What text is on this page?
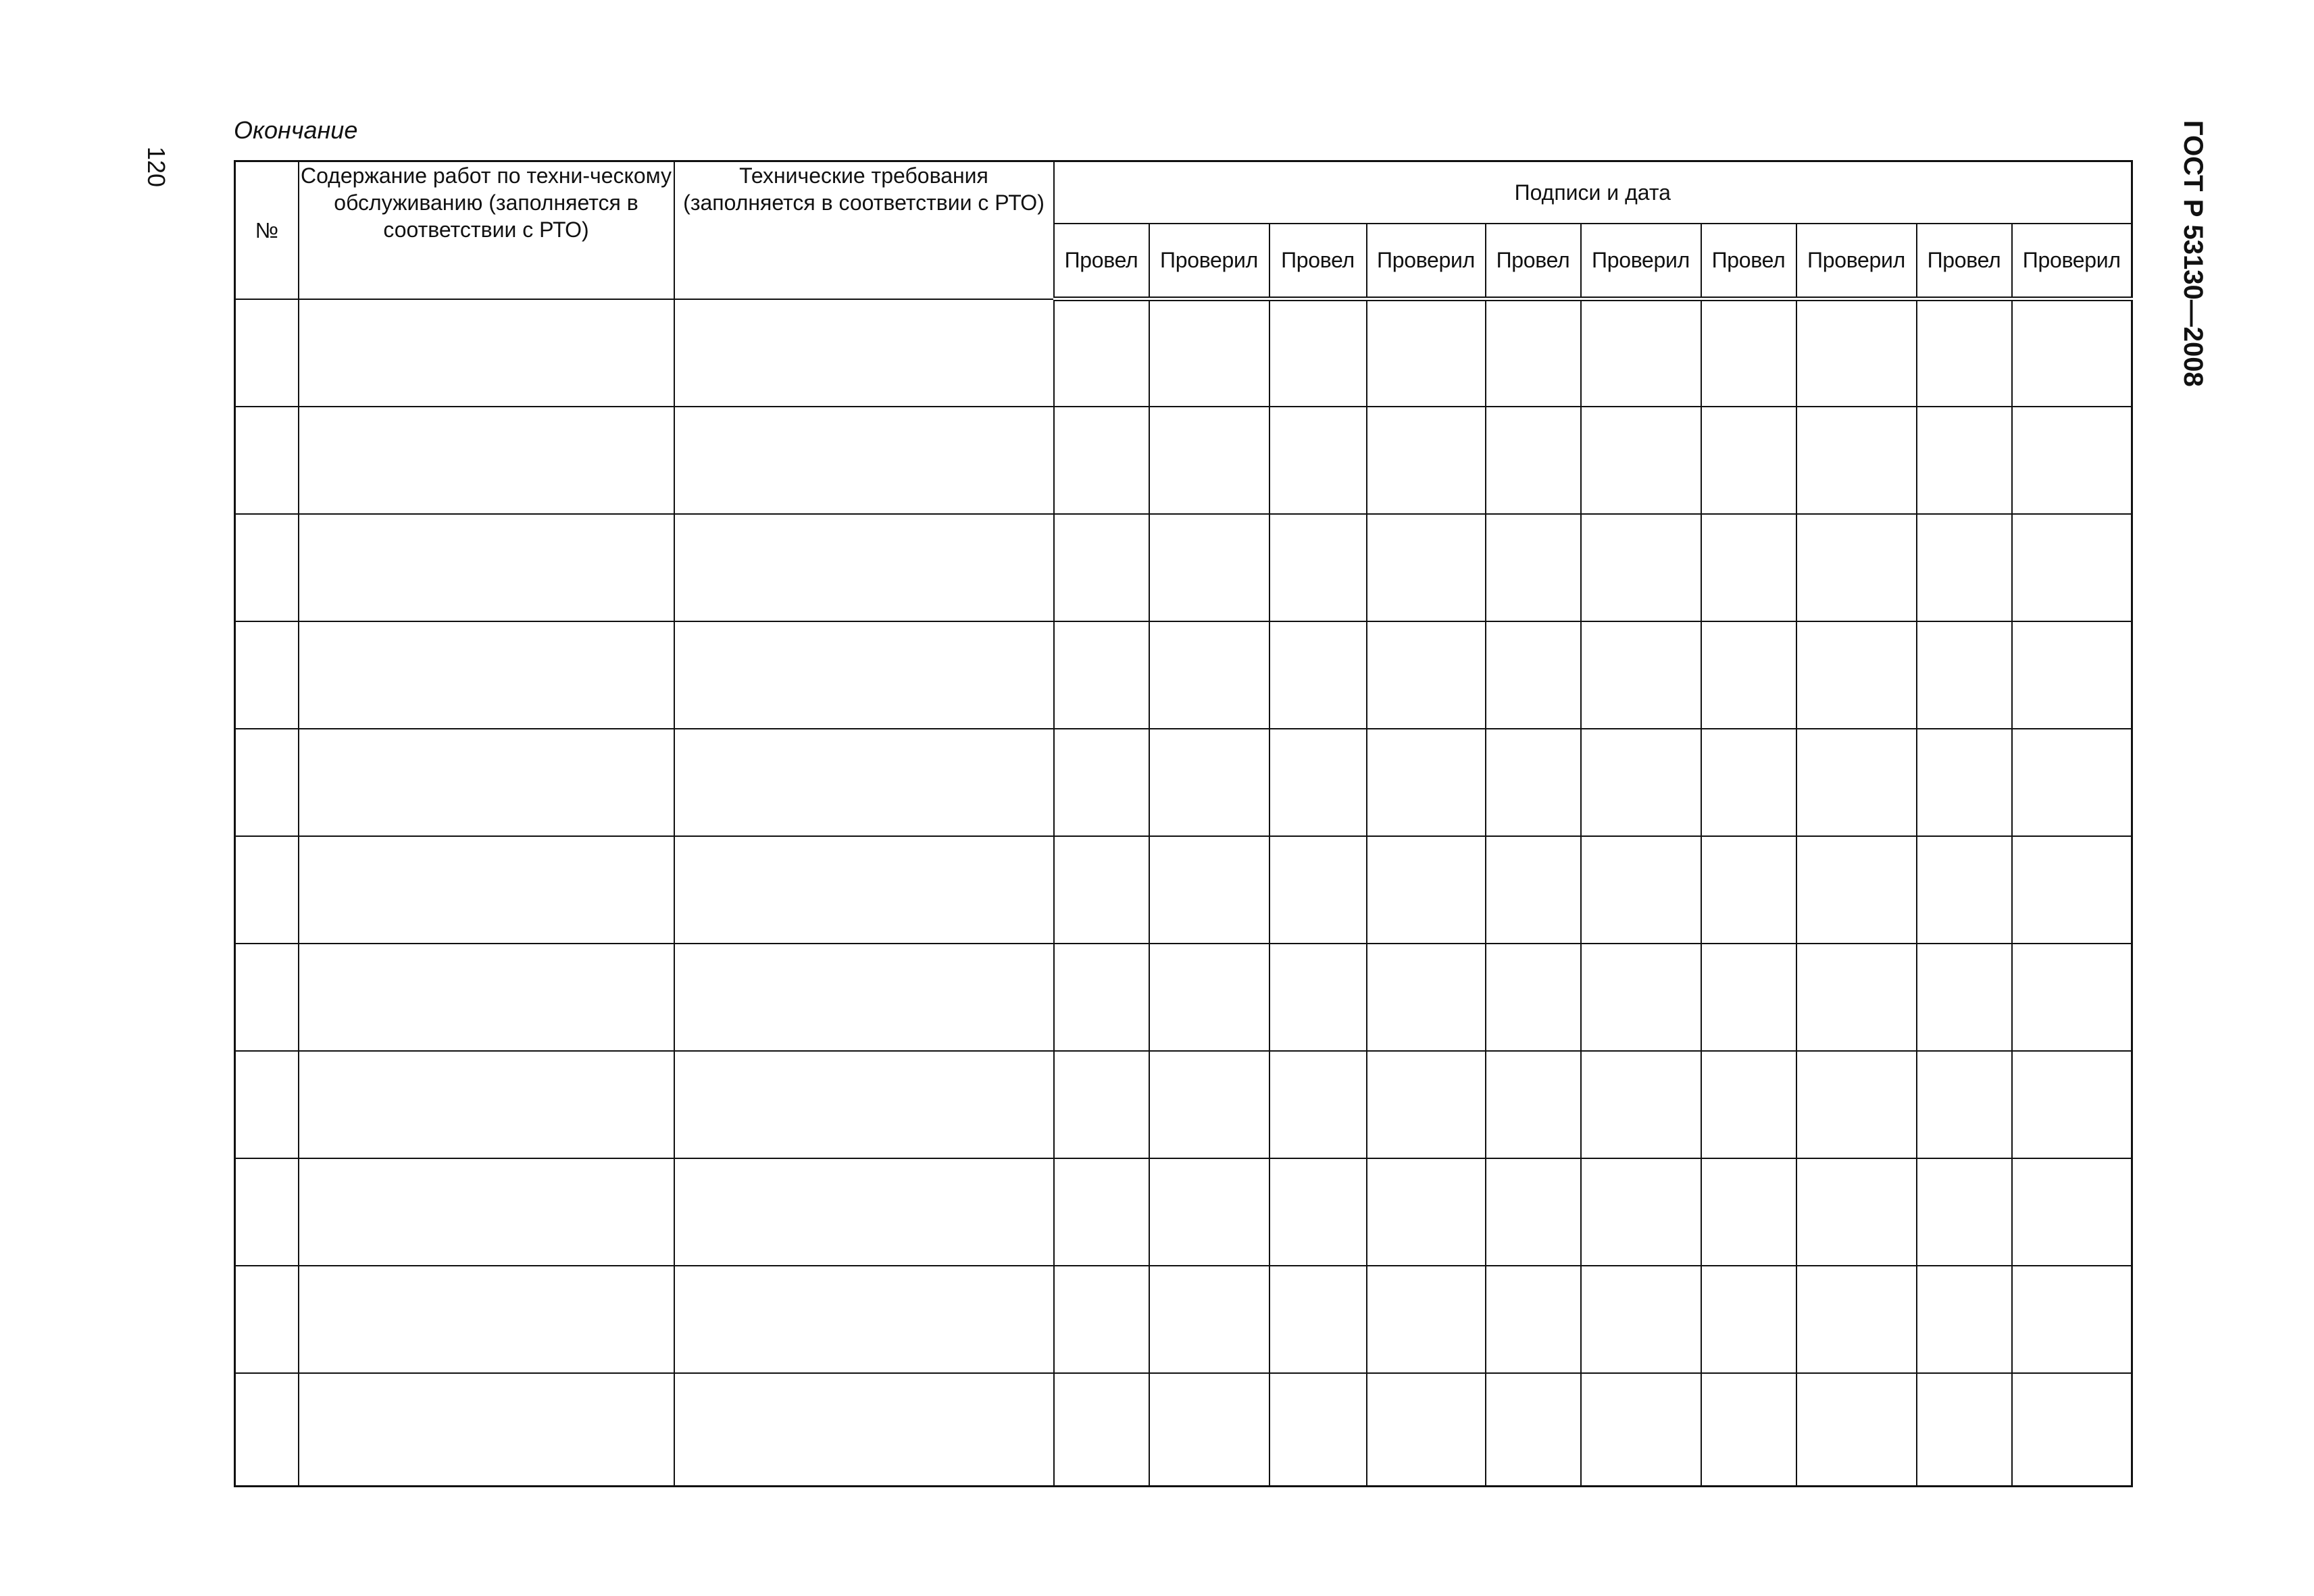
120	ГОСТ Р 53130—2008
Окончание
№	Содержание работ по техни-ческому обслуживанию (заполняется в соответствии с РТО)	Технические требования (заполняется в соответствии с РТО)	Подписи и дата									
			Провел	Проверил	Провел	Проверил	Провел	Проверил	Провел	Проверил	Провел	Проверил
